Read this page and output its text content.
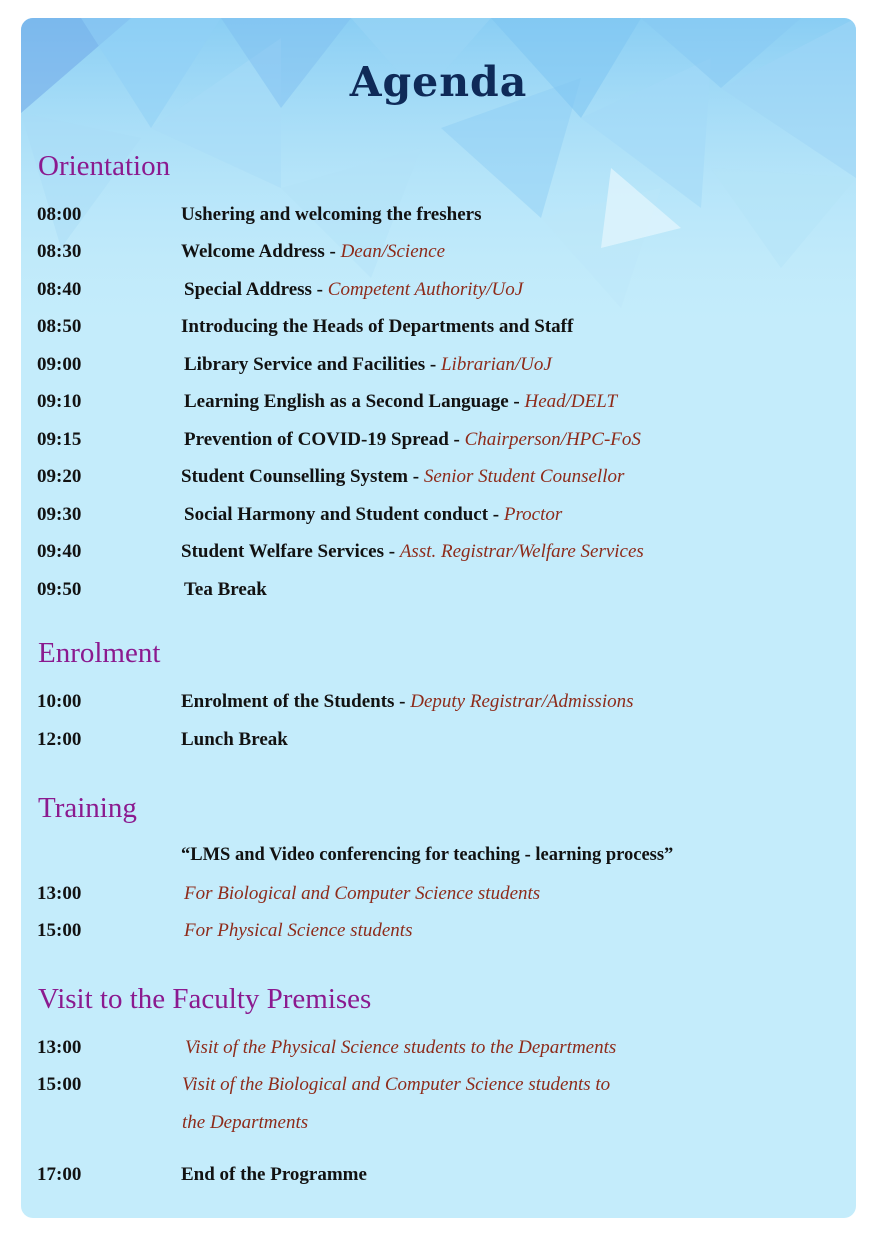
Agenda
Orientation
08:00	Ushering and welcoming the freshers
08:30	Welcome Address - Dean/Science
08:40	Special Address - Competent Authority/UoJ
08:50	Introducing the Heads of Departments and Staff
09:00	Library Service and Facilities - Librarian/UoJ
09:10	Learning English as a Second Language - Head/DELT
09:15	Prevention of COVID-19 Spread - Chairperson/HPC-FoS
09:20	Student Counselling System - Senior Student Counsellor
09:30	Social Harmony and Student conduct - Proctor
09:40	Student Welfare Services - Asst. Registrar/Welfare Services
09:50	Tea Break
Enrolment
10:00	Enrolment of the Students - Deputy Registrar/Admissions
12:00	Lunch Break
Training
“LMS and Video conferencing for teaching - learning process”
13:00	For Biological and Computer Science students
15:00	For Physical Science students
Visit to the Faculty Premises
13:00	Visit of the Physical Science students to the Departments
15:00	Visit of the Biological and Computer Science students to
the Departments
17:00	End of the Programme
